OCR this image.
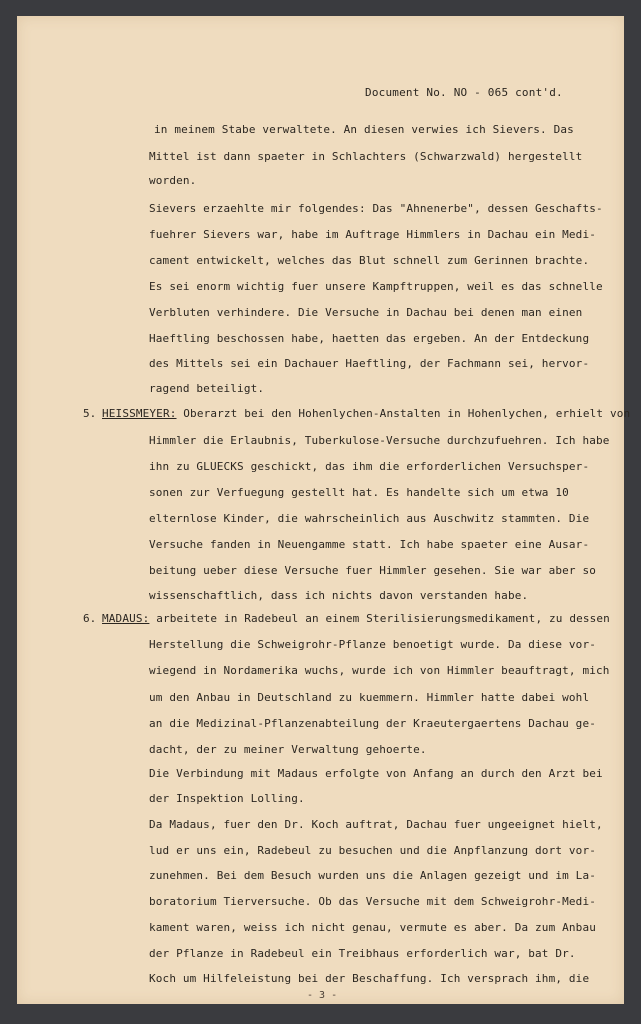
Document No. NO - 065 cont'd.
in meinem Stabe verwaltete. An diesen verwies ich Sievers. Das
Mittel ist dann spaeter in Schlachters (Schwarzwald) hergestellt
worden.
Sievers erzaehlte mir folgendes: Das "Ahnenerbe", dessen Geschafts-
fuehrer Sievers war, habe im Auftrage Himmlers in Dachau ein Medi-
cament entwickelt, welches das Blut schnell zum Gerinnen brachte.
Es sei enorm wichtig fuer unsere Kampftruppen, weil es das schnelle
Verbluten verhindere. Die Versuche in Dachau bei denen man einen
Haeftling beschossen habe, haetten das ergeben. An der Entdeckung
des Mittels sei ein Dachauer Haeftling, der Fachmann sei, hervor-
ragend beteiligt.
5. HEISSMEYER: Oberarzt bei den Hohenlychen-Anstalten in Hohenlychen, erhielt von
Himmler die Erlaubnis, Tuberkulose-Versuche durchzufuehren. Ich habe
ihn zu GLUECKS geschickt, das ihm die erforderlichen Versuchsper-
sonen zur Verfuegung gestellt hat. Es handelte sich um etwa 10
elternlose Kinder, die wahrscheinlich aus Auschwitz stammten. Die
Versuche fanden in Neuengamme statt. Ich habe spaeter eine Ausar-
beitung ueber diese Versuche fuer Himmler gesehen. Sie war aber so
wissenschaftlich, dass ich nichts davon verstanden habe.
6. MADAUS: arbeitete in Radebeul an einem Sterilisierungsmedikament, zu dessen
Herstellung die Schweigrohr-Pflanze benoetigt wurde. Da diese vor-
wiegend in Nordamerika wuchs, wurde ich von Himmler beauftragt, mich
um den Anbau in Deutschland zu kuemmern. Himmler hatte dabei wohl
an die Medizinal-Pflanzenabteilung der Kraeutergaertens Dachau ge-
dacht, der zu meiner Verwaltung gehoerte.
Die Verbindung mit Madaus erfolgte von Anfang an durch den Arzt bei
der Inspektion Lolling.
Da Madaus, fuer den Dr. Koch auftrat, Dachau fuer ungeeignet hielt,
lud er uns ein, Radebeul zu besuchen und die Anpflanzung dort vor-
zunehmen. Bei dem Besuch wurden uns die Anlagen gezeigt und im La-
boratorium Tierversuche. Ob das Versuche mit dem Schweigrohr-Medi-
kament waren, weiss ich nicht genau, vermute es aber. Da zum Anbau
der Pflanze in Radebeul ein Treibhaus erforderlich war, bat Dr.
Koch um Hilfeleistung bei der Beschaffung. Ich versprach ihm, die
- 3 -
